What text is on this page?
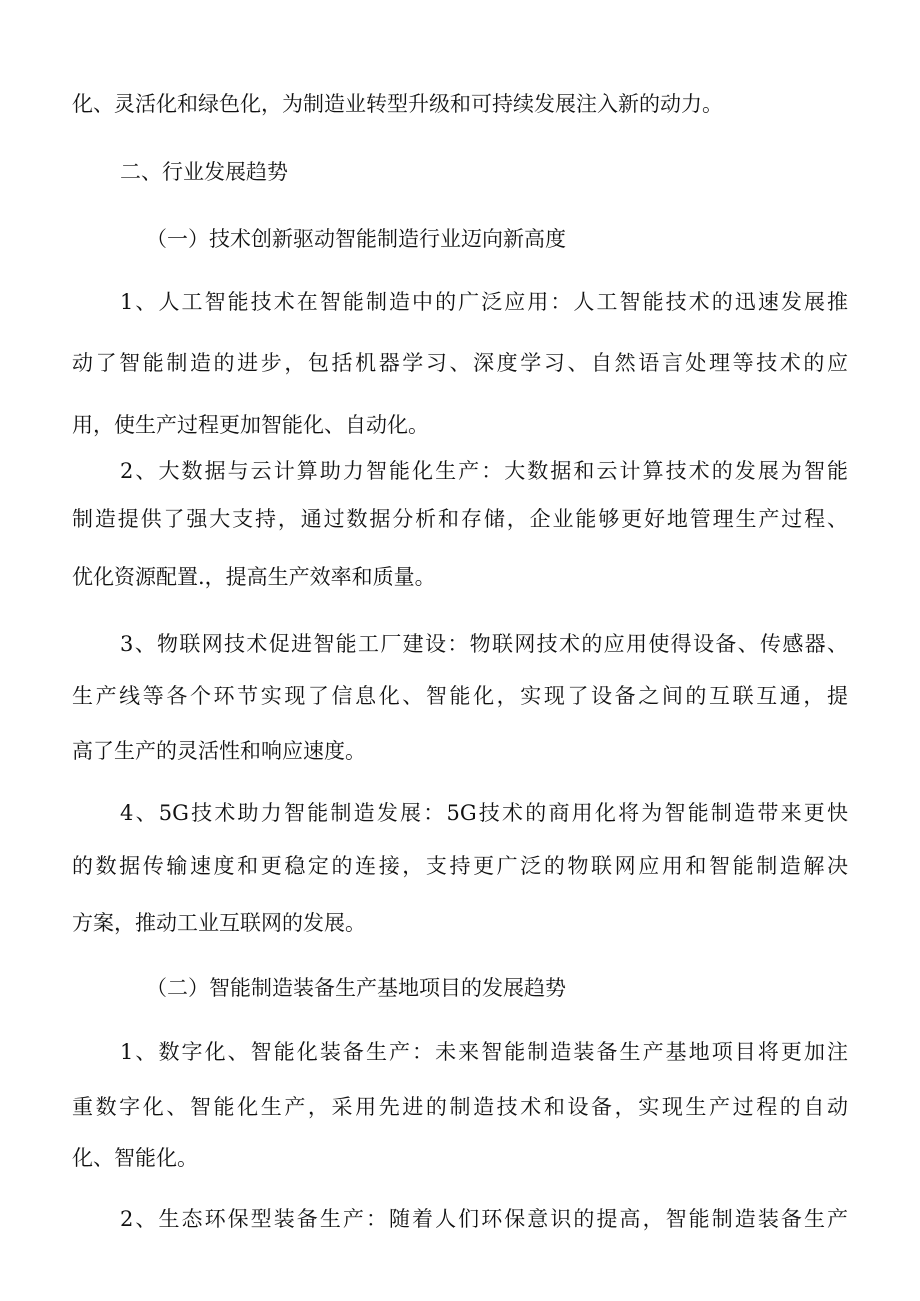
化、灵活化和绿色化，为制造业转型升级和可持续发展注入新的动力。
二、行业发展趋势
（一）技术创新驱动智能制造行业迈向新高度
1、人工智能技术在智能制造中的广泛应用：人工智能技术的迅速发展推
动了智能制造的进步，包括机器学习、深度学习、自然语言处理等技术的应
用，使生产过程更加智能化、自动化。
2、大数据与云计算助力智能化生产：大数据和云计算技术的发展为智能
制造提供了强大支持，通过数据分析和存储，企业能够更好地管理生产过程、
优化资源配置.，提高生产效率和质量。
3、物联网技术促进智能工厂建设：物联网技术的应用使得设备、传感器、
生产线等各个环节实现了信息化、智能化，实现了设备之间的互联互通，提
高了生产的灵活性和响应速度。
4、5G技术助力智能制造发展：5G技术的商用化将为智能制造带来更快
的数据传输速度和更稳定的连接，支持更广泛的物联网应用和智能制造解决
方案，推动工业互联网的发展。
（二）智能制造装备生产基地项目的发展趋势
1、数字化、智能化装备生产：未来智能制造装备生产基地项目将更加注
重数字化、智能化生产，采用先进的制造技术和设备，实现生产过程的自动
化、智能化。
2、生态环保型装备生产：随着人们环保意识的提高，智能制造装备生产
